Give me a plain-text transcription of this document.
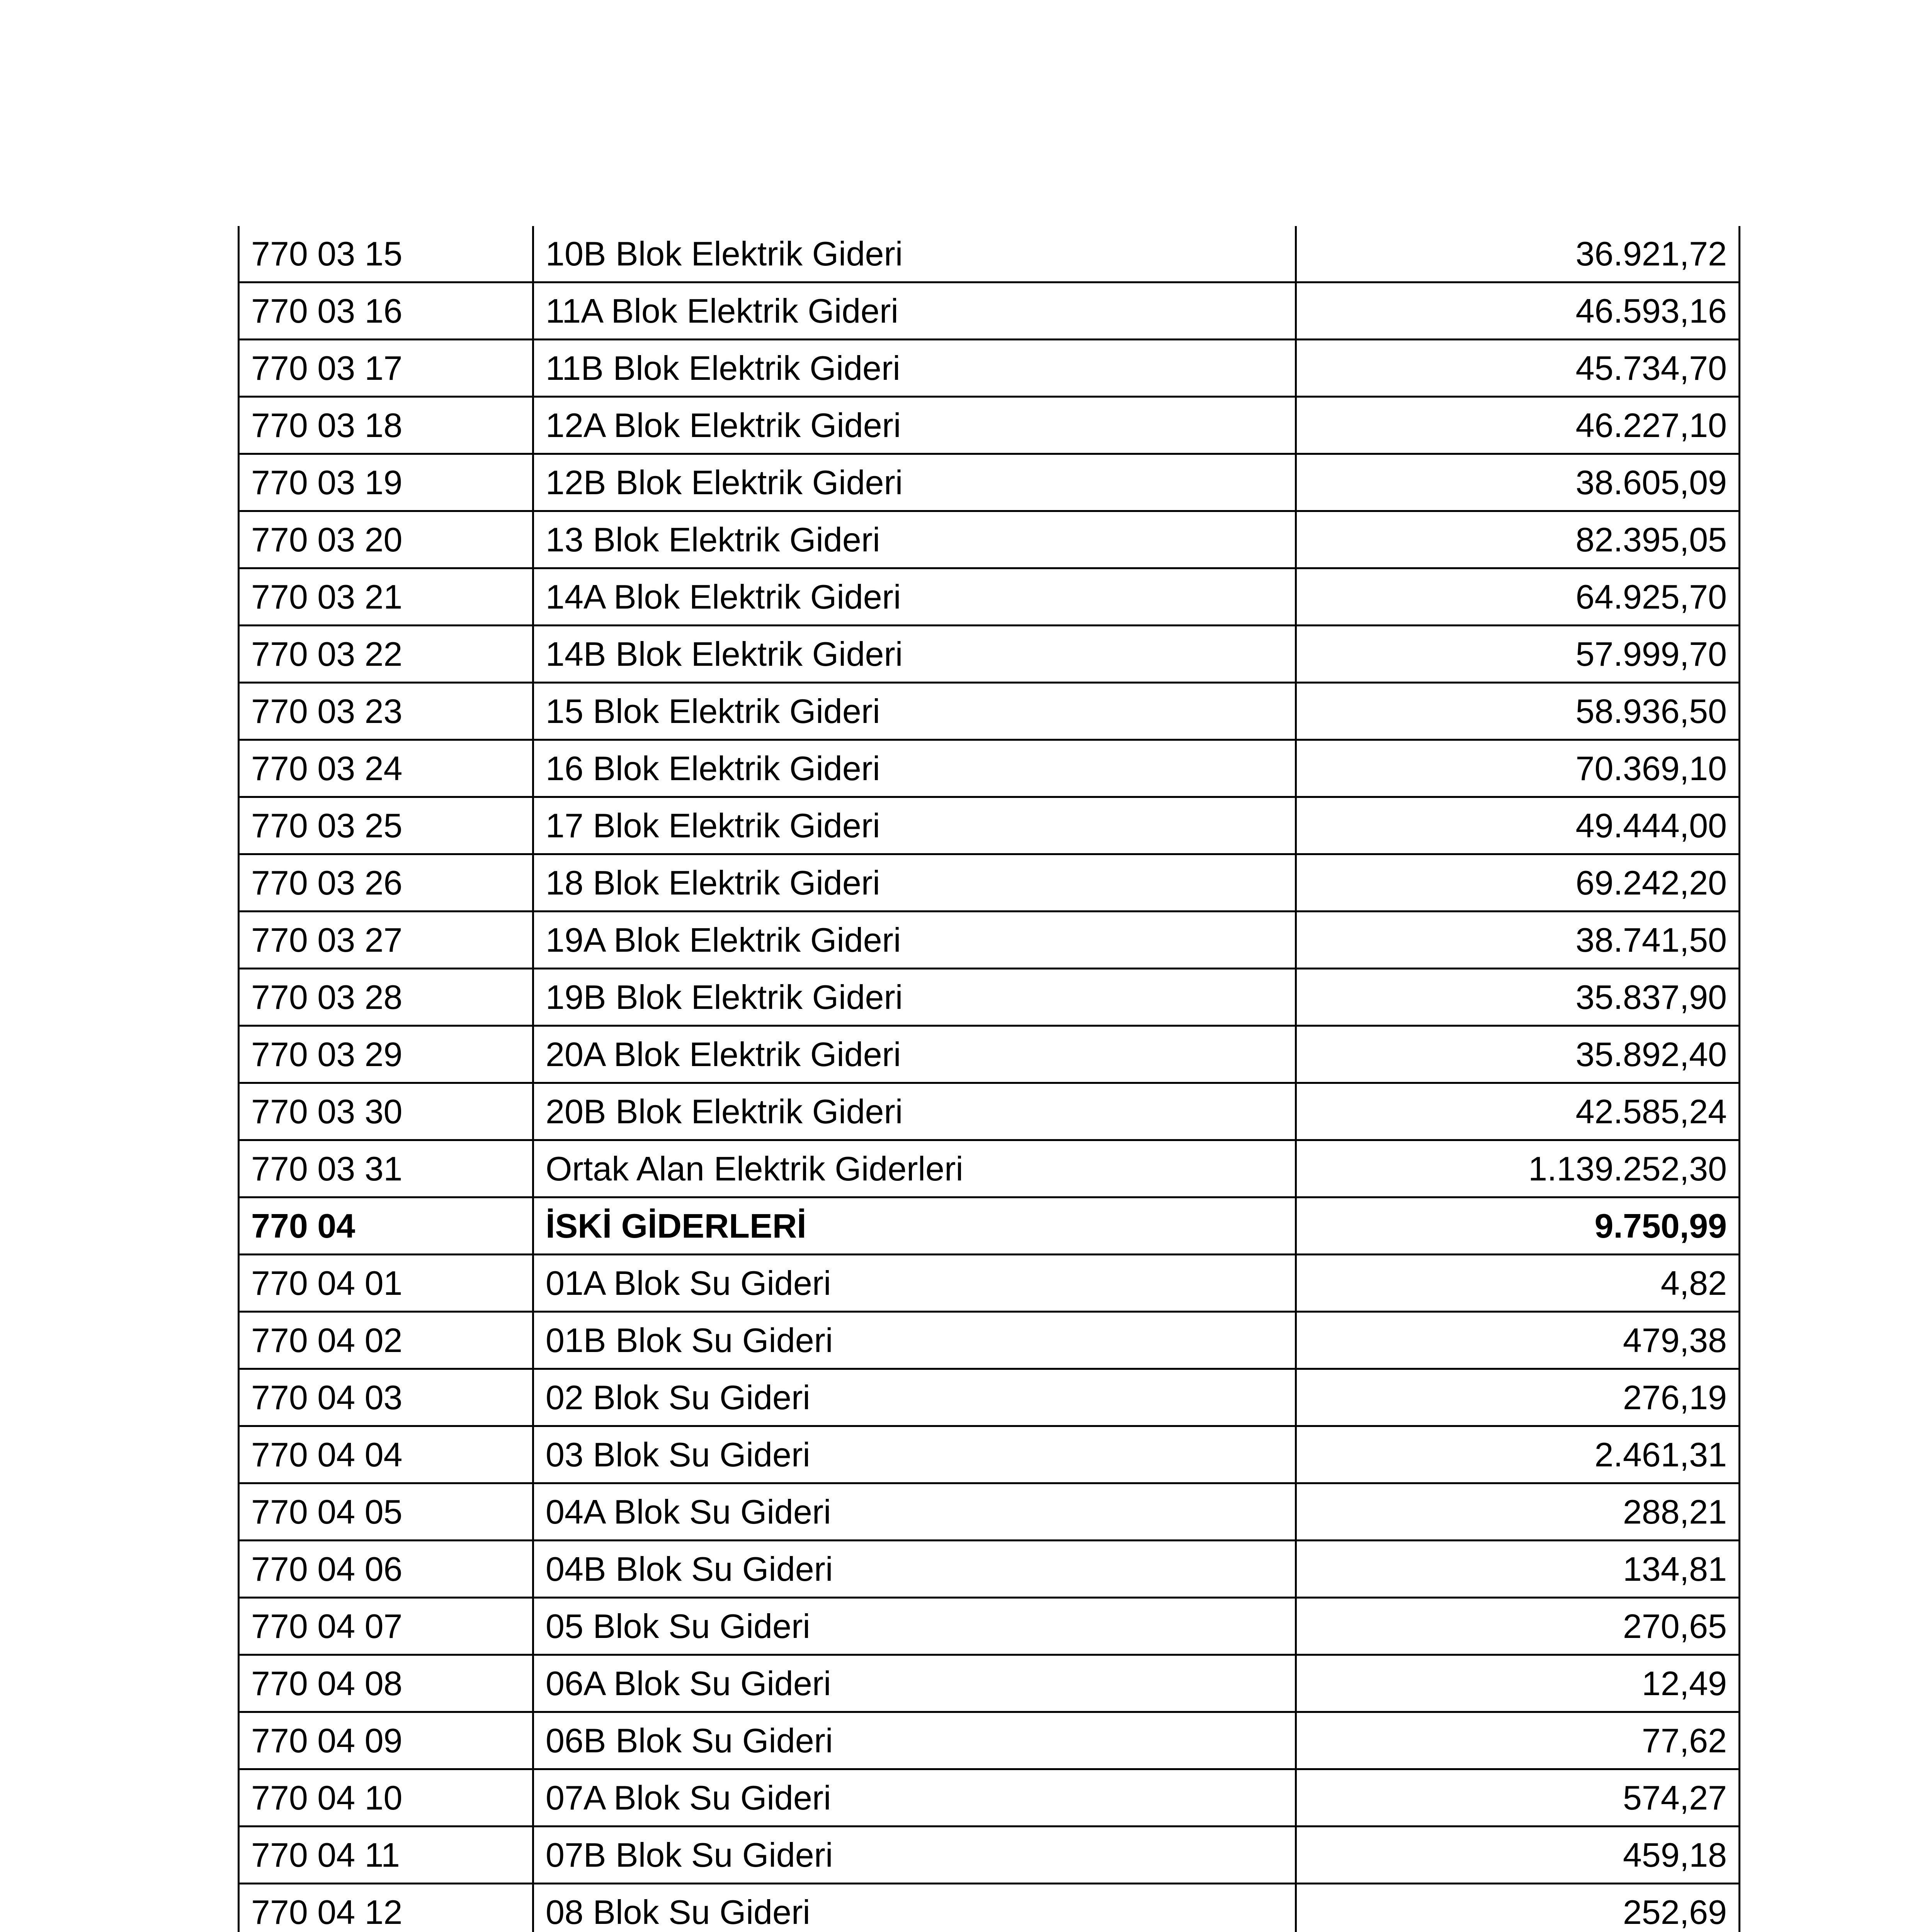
770 03 15	10B Blok Elektrik Gideri	36.921,72
770 03 16	11A Blok Elektrik Gideri	46.593,16
770 03 17	11B Blok Elektrik Gideri	45.734,70
770 03 18	12A Blok Elektrik Gideri	46.227,10
770 03 19	12B Blok Elektrik Gideri	38.605,09
770 03 20	13 Blok Elektrik Gideri	82.395,05
770 03 21	14A Blok Elektrik Gideri	64.925,70
770 03 22	14B Blok Elektrik Gideri	57.999,70
770 03 23	15 Blok Elektrik Gideri	58.936,50
770 03 24	16 Blok Elektrik Gideri	70.369,10
770 03 25	17 Blok Elektrik Gideri	49.444,00
770 03 26	18 Blok Elektrik Gideri	69.242,20
770 03 27	19A Blok Elektrik Gideri	38.741,50
770 03 28	19B Blok Elektrik Gideri	35.837,90
770 03 29	20A Blok Elektrik Gideri	35.892,40
770 03 30	20B Blok Elektrik Gideri	42.585,24
770 03 31	Ortak Alan Elektrik Giderleri	1.139.252,30
770 04	İSKİ GİDERLERİ	9.750,99
770 04 01	01A Blok Su Gideri	4,82
770 04 02	01B Blok Su Gideri	479,38
770 04 03	02 Blok Su Gideri	276,19
770 04 04	03 Blok Su Gideri	2.461,31
770 04 05	04A Blok Su Gideri	288,21
770 04 06	04B Blok Su Gideri	134,81
770 04 07	05 Blok Su Gideri	270,65
770 04 08	06A Blok Su Gideri	12,49
770 04 09	06B Blok Su Gideri	77,62
770 04 10	07A Blok Su Gideri	574,27
770 04 11	07B Blok Su Gideri	459,18
770 04 12	08 Blok Su Gideri	252,69
